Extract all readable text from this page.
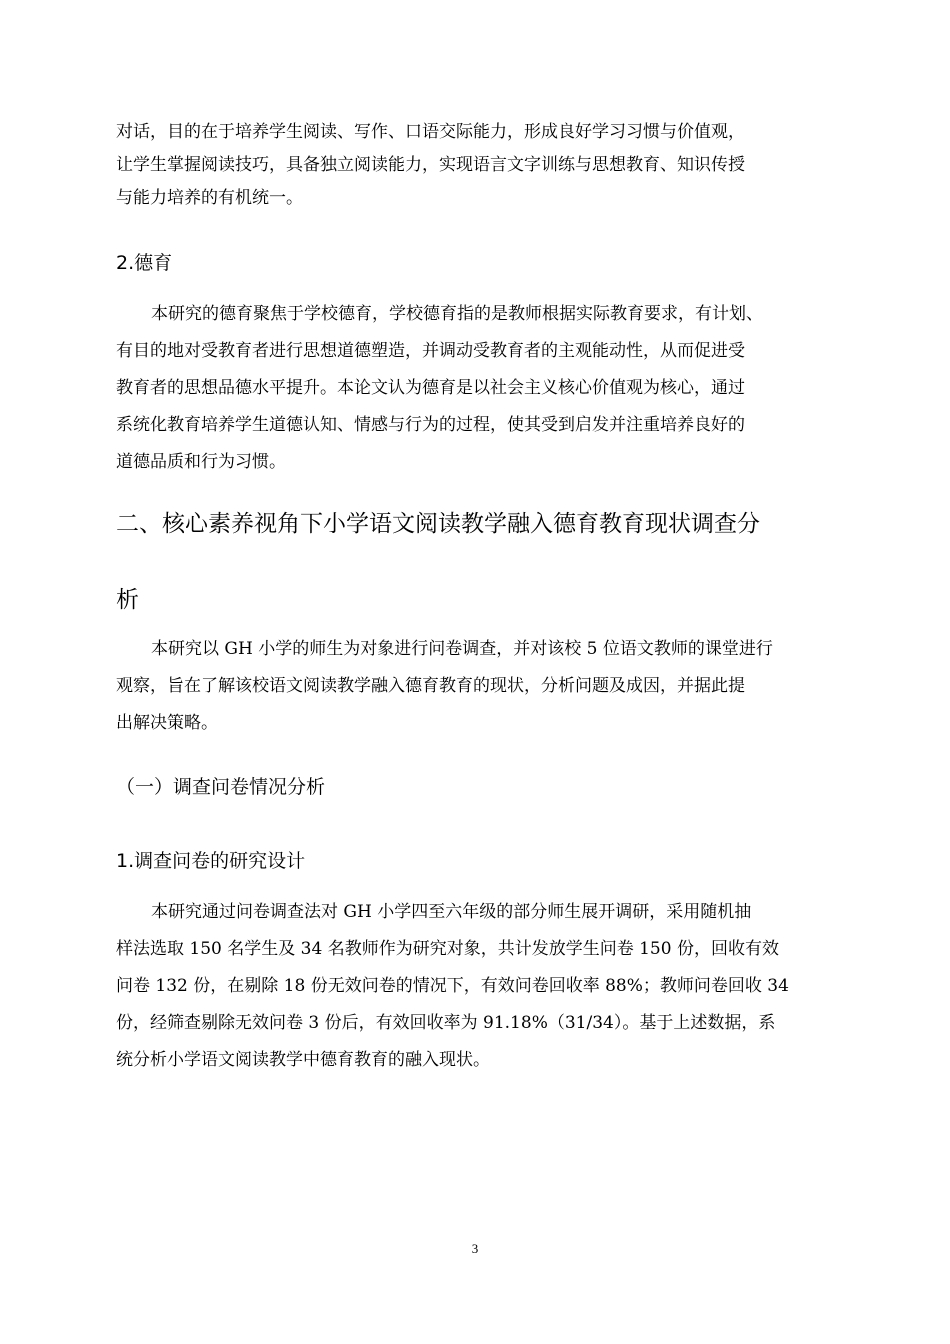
对话，目的在于培养学生阅读、写作、口语交际能力，形成良好学习习惯与价值观，
让学生掌握阅读技巧，具备独立阅读能力，实现语言文字训练与思想教育、知识传授
与能力培养的有机统一。
2.德育
本研究的德育聚焦于学校德育，学校德育指的是教师根据实际教育要求，有计划、
有目的地对受教育者进行思想道德塑造，并调动受教育者的主观能动性，从而促进受
教育者的思想品德水平提升。本论文认为德育是以社会主义核心价值观为核心，通过
系统化教育培养学生道德认知、情感与行为的过程，使其受到启发并注重培养良好的
道德品质和行为习惯。
二、核心素养视角下小学语文阅读教学融入德育教育现状调查分
析
本研究以 GH 小学的师生为对象进行问卷调查，并对该校 5 位语文教师的课堂进行
观察，旨在了解该校语文阅读教学融入德育教育的现状，分析问题及成因，并据此提
出解决策略。
（一）调查问卷情况分析
1.调查问卷的研究设计
本研究通过问卷调查法对 GH 小学四至六年级的部分师生展开调研，采用随机抽
样法选取 150 名学生及 34 名教师作为研究对象，共计发放学生问卷 150 份，回收有效
问卷 132 份，在剔除 18 份无效问卷的情况下，有效问卷回收率 88%；教师问卷回收 34
份，经筛查剔除无效问卷 3 份后，有效回收率为 91.18%（31/34）。基于上述数据，系
统分析小学语文阅读教学中德育教育的融入现状。
3
